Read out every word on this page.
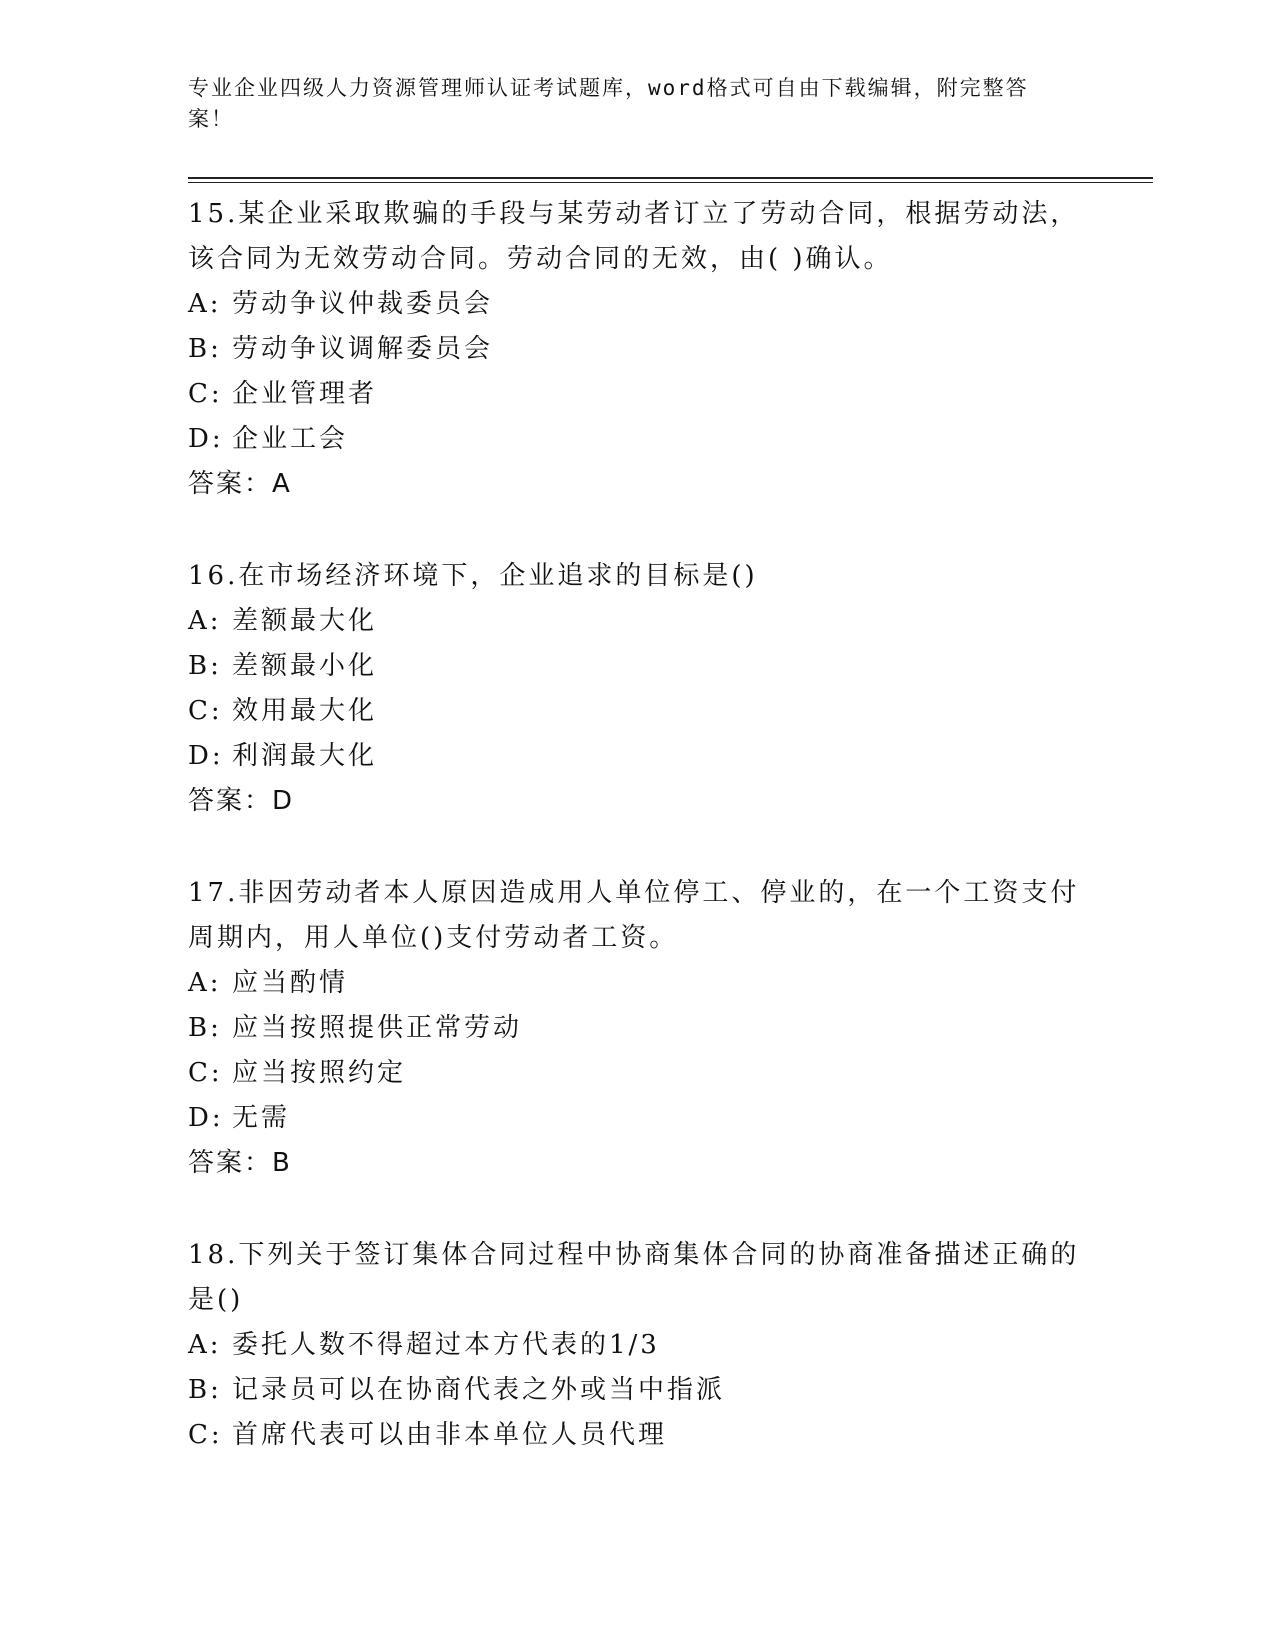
专业企业四级人力资源管理师认证考试题库，word格式可自由下载编辑，附完整答案！
15.某企业采取欺骗的手段与某劳动者订立了劳动合同，根据劳动法，该合同为无效劳动合同。劳动合同的无效，由( )确认。
A: 劳动争议仲裁委员会
B: 劳动争议调解委员会
C: 企业管理者
D: 企业工会
答案：A
16.在市场经济环境下，企业追求的目标是()
A: 差额最大化
B: 差额最小化
C: 效用最大化
D: 利润最大化
答案：D
17.非因劳动者本人原因造成用人单位停工、停业的，在一个工资支付周期内，用人单位()支付劳动者工资。
A: 应当酌情
B: 应当按照提供正常劳动
C: 应当按照约定
D: 无需
答案：B
18.下列关于签订集体合同过程中协商集体合同的协商准备描述正确的是()
A: 委托人数不得超过本方代表的1/3
B: 记录员可以在协商代表之外或当中指派
C: 首席代表可以由非本单位人员代理
